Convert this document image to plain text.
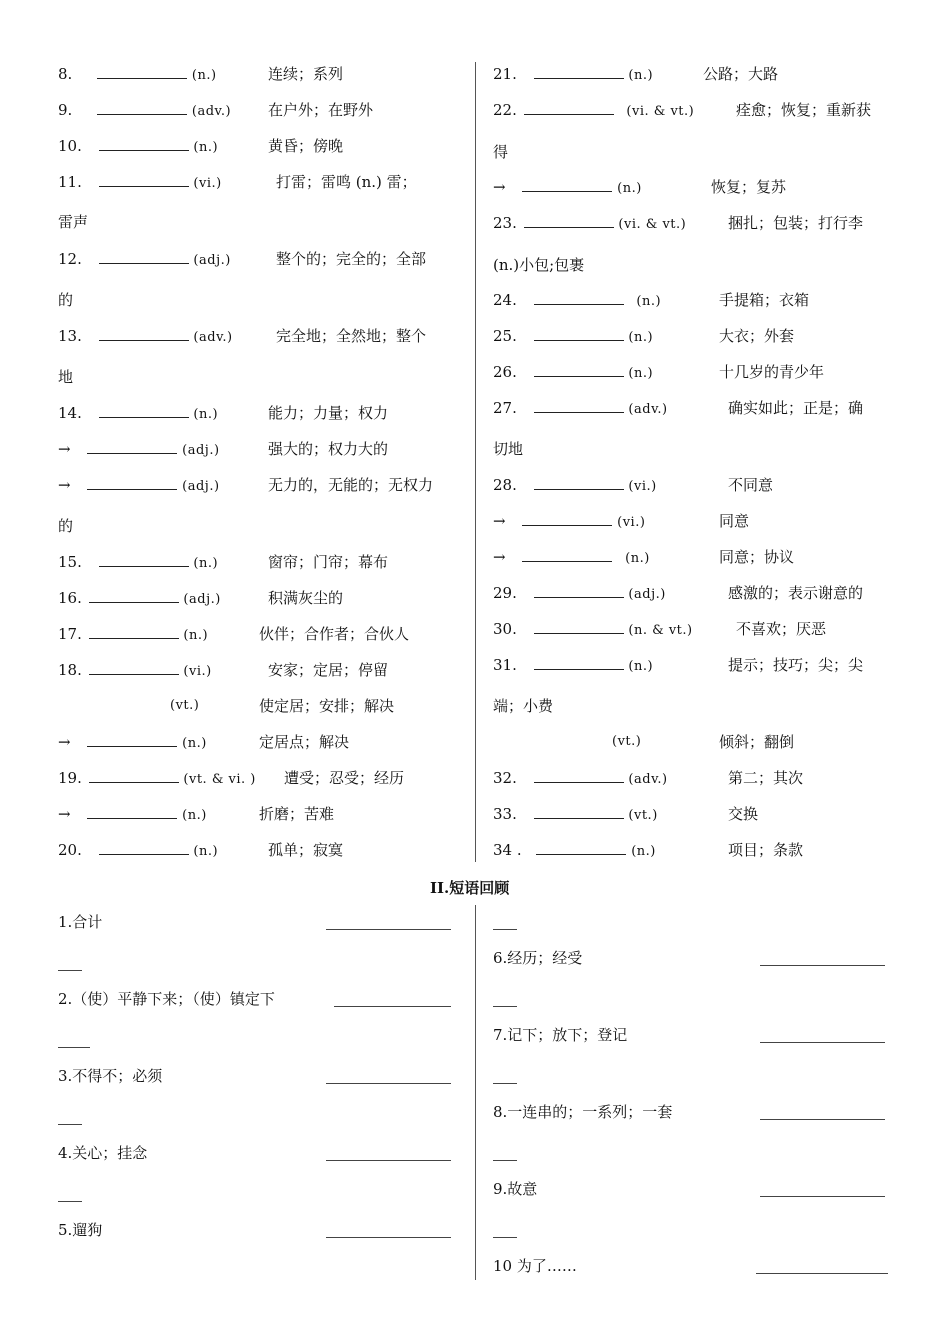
8.	(n.)	连续；系列
9.	(adv.) 在户外；在野外
10.	(n.)	黄昏；傍晚
11.	(vi.)	打雷；雷鸣 (n.) 雷；
雷声
12.	(adj.)	整个的；完全的；全部
的
13.	(adv.)	完全地；全然地；整个
地
14.	(n.)	能力；力量；权力
→	(adj.)	强大的；权力大的
→	(adj.)	无力的，无能的；无权力
的
15.	(n.)	窗帘；门帘；幕布
16.	(adj.)	积满灰尘的
17.	(n.)	伙伴；合作者；合伙人
18.	(vi.)	安家；定居；停留
(vt.)	使定居；安排；解决
→	(n.)	定居点；解决
19.	(vt. & vi. ) 遭受；忍受；经历
→	(n.)	折磨；苦难
20.	(n.)	孤单；寂寞
21.	(n.)	公路；大路
22.	(vi. & vt.)	痊愈；恢复；重新获
得
→	(n.)	恢复；复苏
23.	(vi. & vt.)	捆扎；包装；打行李
(n.)小包;包裹
24.	(n.)	手提箱；衣箱
25.	(n.)	大衣；外套
26.	(n.)	十几岁的青少年
27.	(adv.)	确实如此；正是；确
切地
28.	(vi.)	不同意
→	(vi.)	同意
→	(n.)	同意；协议
29.	(adj.)	感激的；表示谢意的
30.	(n. & vt.)	不喜欢；厌恶
31.	(n.)	提示；技巧；尖；尖
端；小费
(vt.)	倾斜；翻倒
32.	(adv.)	第二；其次
33.	(vt.)	交换
34 .	(n.)	项目；条款
II.短语回顾
1.合计
2.（使）平静下来；（使）镇定下
3.不得不；必须
4.关心；挂念
5.遛狗
6.经历；经受
7.记下；放下；登记
8.一连串的；一系列；一套
9.故意
10 为了……
